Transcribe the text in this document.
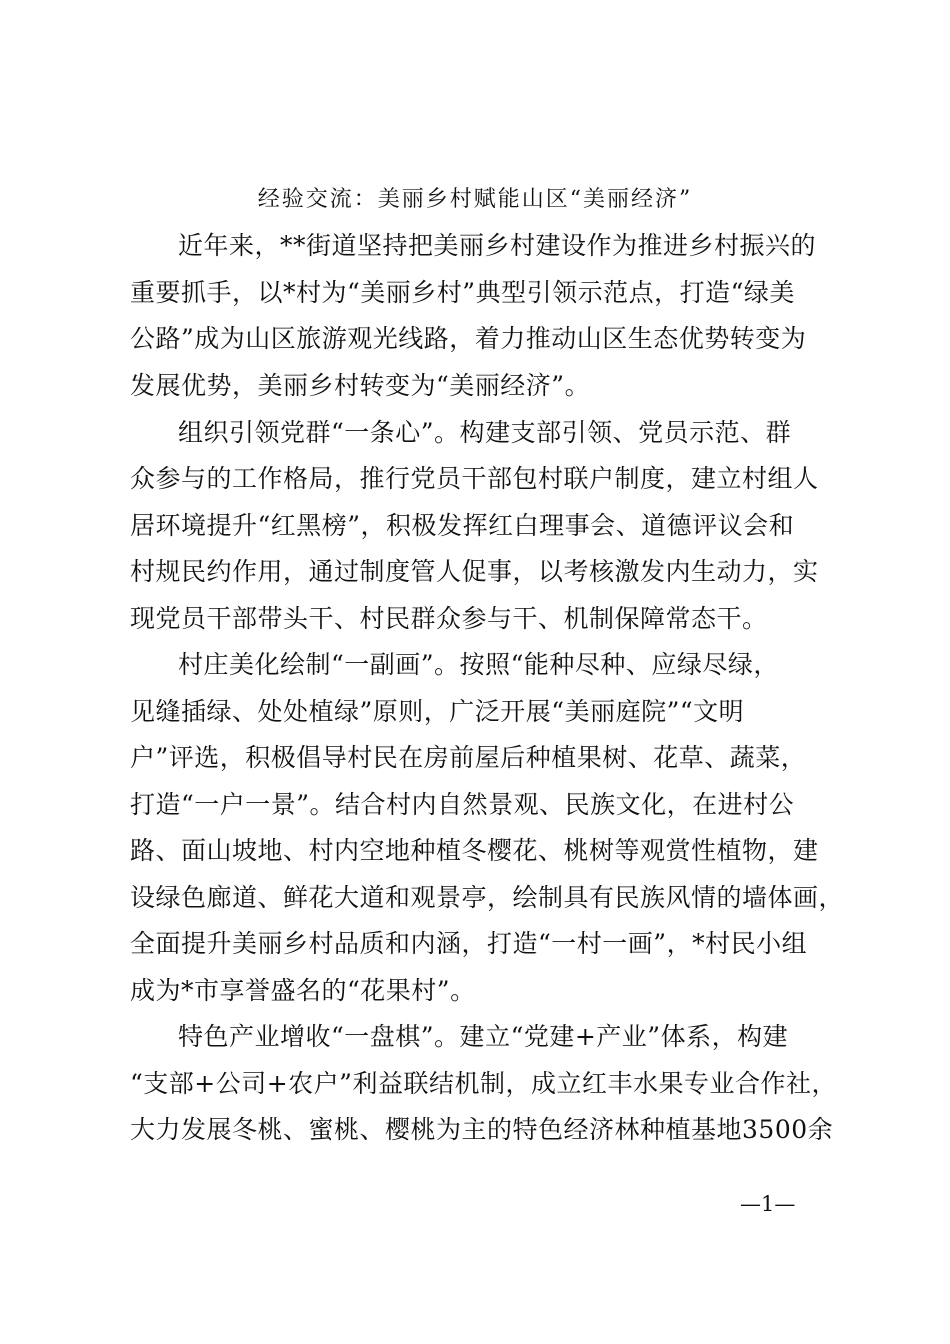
经验交流：美丽乡村赋能山区“美丽经济”
近年来，**街道坚持把美丽乡村建设作为推进乡村振兴的
重要抓手，以*村为“美丽乡村”典型引领示范点，打造“绿美
公路”成为山区旅游观光线路，着力推动山区生态优势转变为
发展优势，美丽乡村转变为“美丽经济”。
组织引领党群“一条心”。构建支部引领、党员示范、群
众参与的工作格局，推行党员干部包村联户制度，建立村组人
居环境提升“红黑榜”，积极发挥红白理事会、道德评议会和
村规民约作用，通过制度管人促事，以考核激发内生动力，实
现党员干部带头干、村民群众参与干、机制保障常态干。
村庄美化绘制“一副画”。按照“能种尽种、应绿尽绿，
见缝插绿、处处植绿”原则，广泛开展“美丽庭院”“文明
户”评选，积极倡导村民在房前屋后种植果树、花草、蔬菜，
打造“一户一景”。结合村内自然景观、民族文化，在进村公
路、面山坡地、村内空地种植冬樱花、桃树等观赏性植物，建
设绿色廊道、鲜花大道和观景亭，绘制具有民族风情的墙体画，
全面提升美丽乡村品质和内涵，打造“一村一画”，*村民小组
成为*市享誉盛名的“花果村”。
特色产业增收“一盘棋”。建立“党建+产业”体系，构建
“支部+公司+农户”利益联结机制，成立红丰水果专业合作社，
大力发展冬桃、蜜桃、樱桃为主的特色经济林种植基地3500余
—1—
